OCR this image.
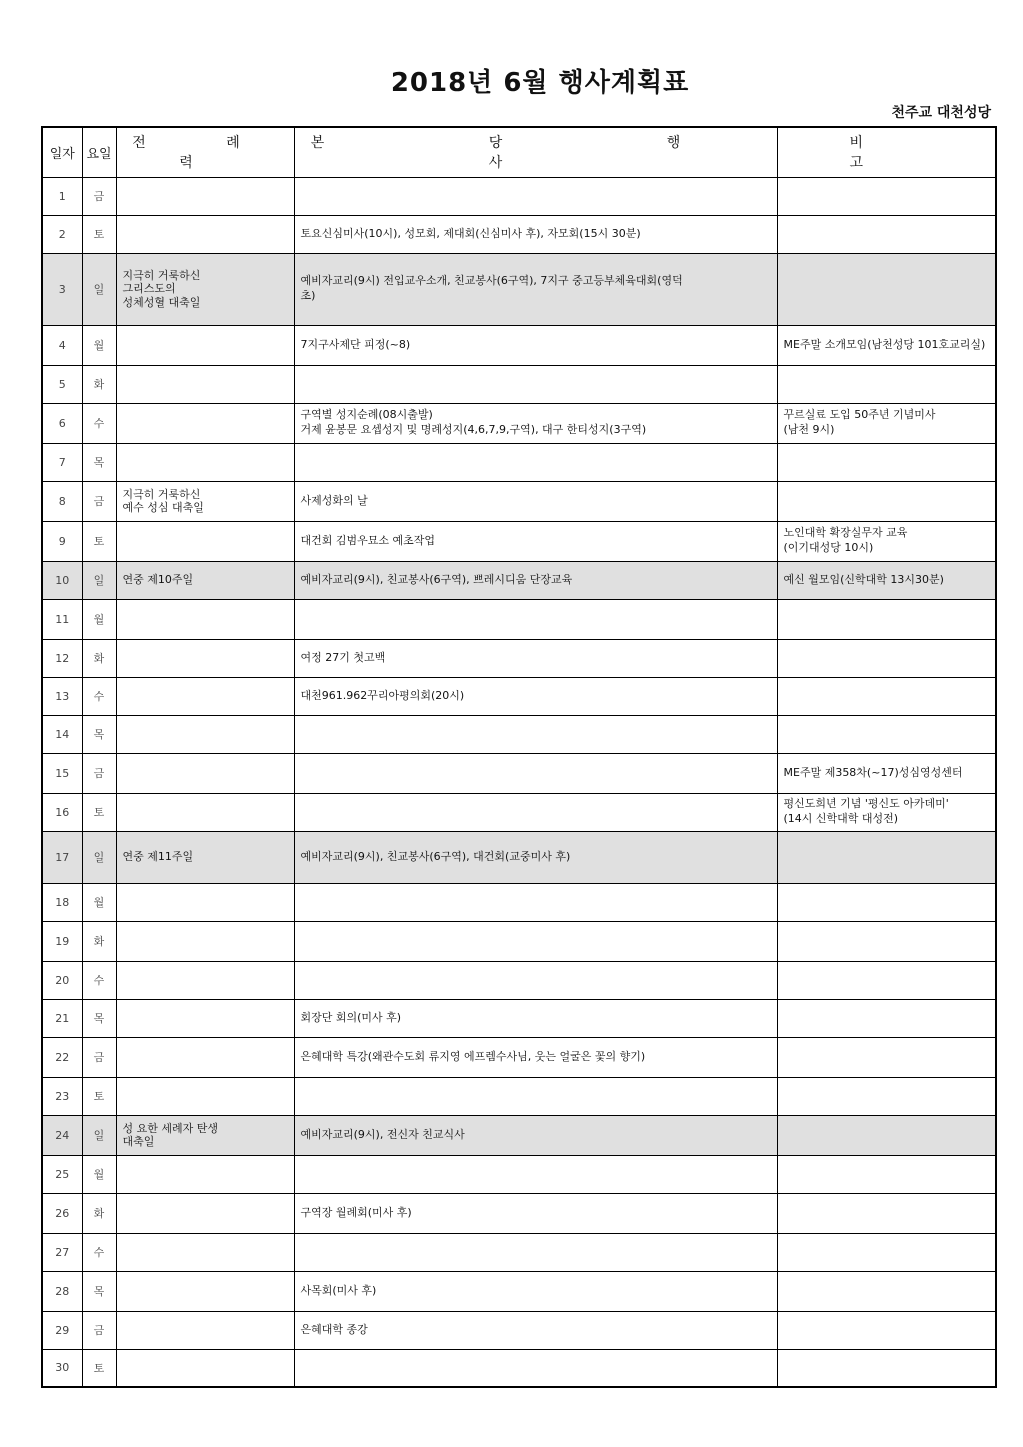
2018년 6월 행사계획표
천주교 대천성당
일자	요일	전 례 력	본 당 행 사	비 고
1	금			
2	토		토요신심미사(10시), 성모회, 제대회(신심미사 후), 자모회(15시 30분)	
3	일	지극히 거룩하신
그리스도의
성체성혈 대축일	예비자교리(9시) 전입교우소개, 친교봉사(6구역), 7지구 중고등부체육대회(영덕
초)	
4	월		7지구사제단 피정(~8)	ME주말 소개모임(남천성당 101호교리실)
5	화			
6	수		구역별 성지순례(08시출발)
거제 윤봉문 요셉성지 및 명례성지(4,6,7,9,구역), 대구 한티성지(3구역)	꾸르실료 도입 50주년 기념미사
(남천 9시)
7	목			
8	금	지극히 거룩하신
예수 성심 대축일	사제성화의 날	
9	토		대건회 김범우묘소 예초작업	노인대학 확장실무자 교육
(이기대성당 10시)
10	일	연중 제10주일	예비자교리(9시), 친교봉사(6구역), 쁘레시디움 단장교육	예신 월모임(신학대학 13시30분)
11	월			
12	화		여정 27기 첫고백	
13	수		대천961.962꾸리아평의회(20시)	
14	목			
15	금			ME주말 제358차(~17)성심영성센터
16	토			평신도희년 기념 '평신도 아카데미'
(14시 신학대학 대성전)
17	일	연중 제11주일	예비자교리(9시), 친교봉사(6구역), 대건회(교중미사 후)	
18	월			
19	화			
20	수			
21	목		회장단 회의(미사 후)	
22	금		은혜대학 특강(왜관수도회 류지영 에프렘수사님, 웃는 얼굴은 꽃의 향기)	
23	토			
24	일	성 요한 세례자 탄생
대축일	예비자교리(9시), 전신자 친교식사	
25	월			
26	화		구역장 월례회(미사 후)	
27	수			
28	목		사목회(미사 후)	
29	금		은혜대학 종강	
30	토			
